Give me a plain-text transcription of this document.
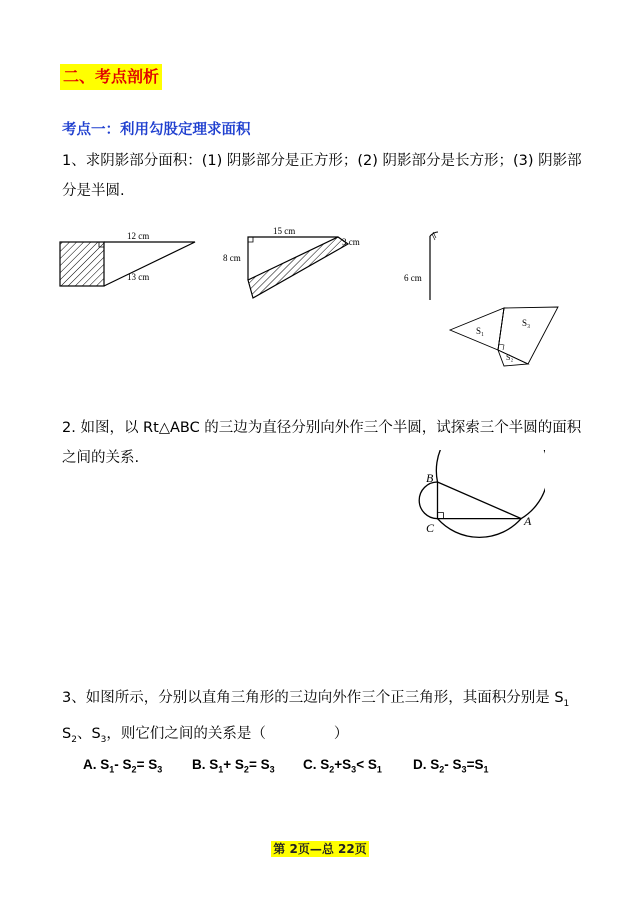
二、考点剖析
考点一：利用勾股定理求面积
1、求阴影部分面积：(1) 阴影部分是正方形；(2) 阴影部分是长方形；(3) 阴影部分是半圆.
12 cm
13 cm
15 cm
8 cm
3 cm
6 cm
S₁
S₃
S₂
2. 如图，以 Rt△ABC 的三边为直径分别向外作三个半圆，试探索三个半圆的面积之间的关系.
B
C	A
3、如图所示，分别以直角三角形的三边向外作三个正三角形，其面积分别是 $S_1$
$S_2$、$S_3$，则它们之间的关系是（	）
A. $S_1-$ $S_2= S_3$ B. $S_1+ S_2= S_3$ C. $S_2+S_3< S_1$ D. $S_2-$ $S_3=S_1$
第 2页—总 22页
